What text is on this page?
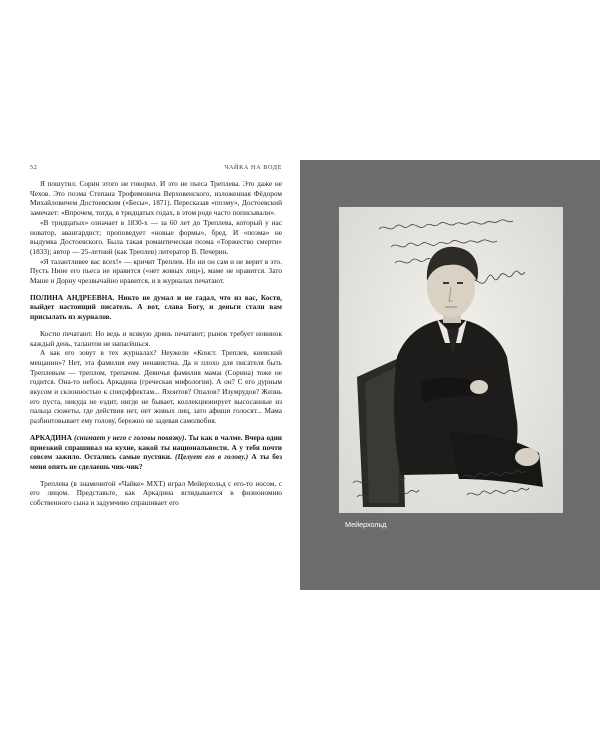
52	ЧАЙКА НА ВОДЕ

Я пошутил. Сорин этого не говорил. И это не пьеса Треплева. Это даже не Чехов. Это поэма Степана Трофимовича Верховенского, изложенная Фёдором Михайловичем Достоевским («Бесы», 1871). Пересказав «поэму», Достоевский замечает: «Впрочем, тогда, в тридцатых годах, в этом роде часто пописывали».

«В тридцатых» означает в 1830-х — за 60 лет до Треплева, который у нас новатор, авангардист; проповедует «новые формы», бред. И «поэма» не выдумка Достоевского. Была такая романтическая поэма «Торжество смерти» (1833); автор — 25-летний (как Треплев) литератор В. Печерин.

«Я талантливее вас всех!» — кричит Треплев. Но ни он сам и не верит в это. Пусть Нине его пьеса не нравится («нет живых лиц»), маме не нравится. Зато Маше и Дорну чрезвычайно нравится, и в журналах печатают.

ПОЛИНА АНДРЕЕВНА. Никто не думал и не гадал, что из вас, Костя, выйдет настоящий писатель. А вот, слава Богу, и деньги стали вам присылать из журналов.

Костю печатают. Но ведь и всякую дрянь печатают; рынок требует новинок каждый день, талантов не напасёшься.

А как его зовут в тех журналах? Неужели «Конст. Треплев, киевский мещанин»? Нет, эта фамилия ему ненавистна. Да и плохо для писателя быть Треплевым — треплом, трепачом. Девичья фамилия мамаı (Сорина) тоже не годится. Она-то небось Аркадина (греческая мифология). А он? С его дурным вкусом и склонностью к спецэффектам... Яхонтов? Опалов? Изумрудов? Жизнь его пуста, никуда не ездит, нигде не бывает, коллекционирует высосанные из пальца сюжеты, где действия нет, нет живых лиц, зато афиши голосят... Мама разбинтовывает ему голову, бережно не задевая самолюбия.

АРКАДИНА (снимает у него с головы повязку). Ты как в чалме. Вчера один приезжий спрашивал на кухне, какой ты национальности. А у тебя почти совсем зажило. Остались самые пустяки. (Целует его в голову.) А ты без меня опять не сделаешь чик-чик?

Треплева (в знаменитой «Чайке» МХТ) играл Мейерхольд с его-то носом, с его лицом. Представьте, как Аркадина вглядывается в физиономию собственного сына и задумчиво спрашивает его

Мейерхольд
